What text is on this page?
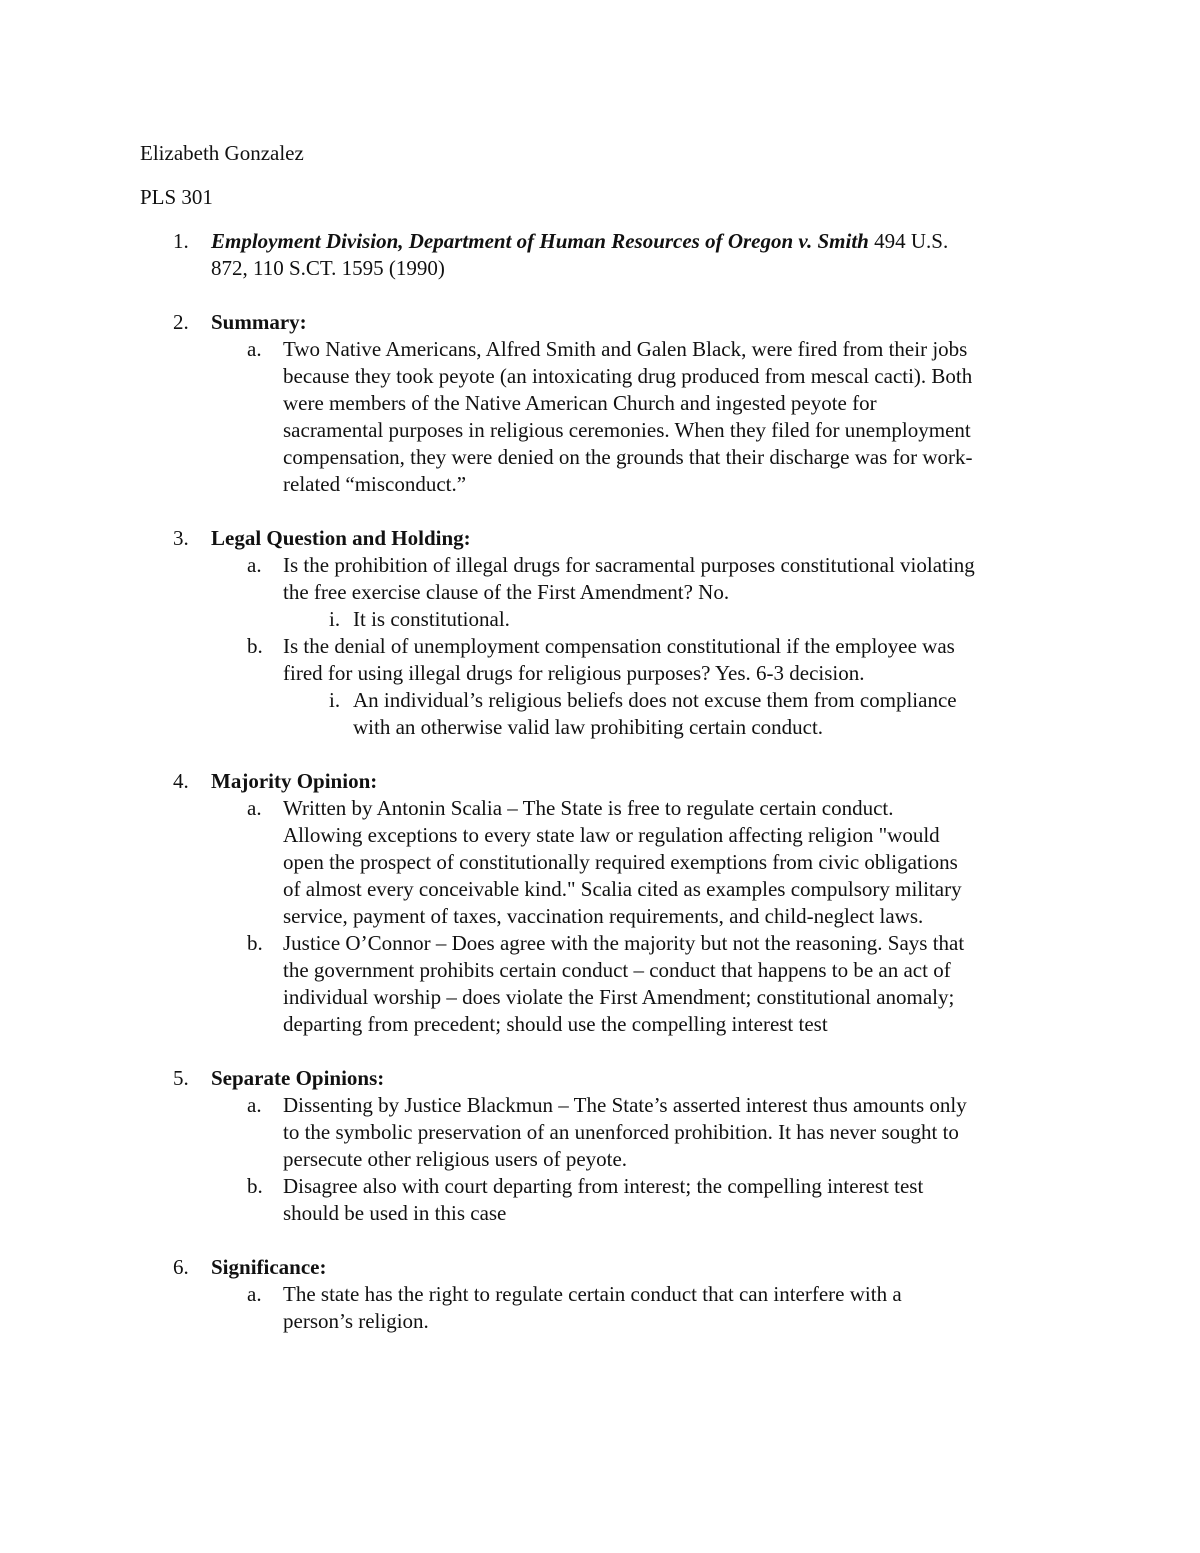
Elizabeth Gonzalez
PLS 301
1.	Employment Division, Department of Human Resources of Oregon v. Smith 494 U.S.
872, 110 S.CT. 1595 (1990)
2.	Summary:
a. Two Native Americans, Alfred Smith and Galen Black, were fired from their jobs
because they took peyote (an intoxicating drug produced from mescal cacti). Both
were members of the Native American Church and ingested peyote for
sacramental purposes in religious ceremonies. When they filed for unemployment
compensation, they were denied on the grounds that their discharge was for work-
related “misconduct.”
3.	Legal Question and Holding:
a. Is the prohibition of illegal drugs for sacramental purposes constitutional violating
the free exercise clause of the First Amendment? No.
i. It is constitutional.
b. Is the denial of unemployment compensation constitutional if the employee was
fired for using illegal drugs for religious purposes? Yes. 6-3 decision.
i. An individual’s religious beliefs does not excuse them from compliance
with an otherwise valid law prohibiting certain conduct.
4.	Majority Opinion:
a. Written by Antonin Scalia – The State is free to regulate certain conduct.
Allowing exceptions to every state law or regulation affecting religion "would
open the prospect of constitutionally required exemptions from civic obligations
of almost every conceivable kind." Scalia cited as examples compulsory military
service, payment of taxes, vaccination requirements, and child-neglect laws.
b. Justice O’Connor – Does agree with the majority but not the reasoning. Says that
the government prohibits certain conduct – conduct that happens to be an act of
individual worship – does violate the First Amendment; constitutional anomaly;
departing from precedent; should use the compelling interest test
5.	Separate Opinions:
a. Dissenting by Justice Blackmun – The State’s asserted interest thus amounts only
to the symbolic preservation of an unenforced prohibition. It has never sought to
persecute other religious users of peyote.
b. Disagree also with court departing from interest; the compelling interest test
should be used in this case
6.	Significance:
a. The state has the right to regulate certain conduct that can interfere with a
person’s religion.
